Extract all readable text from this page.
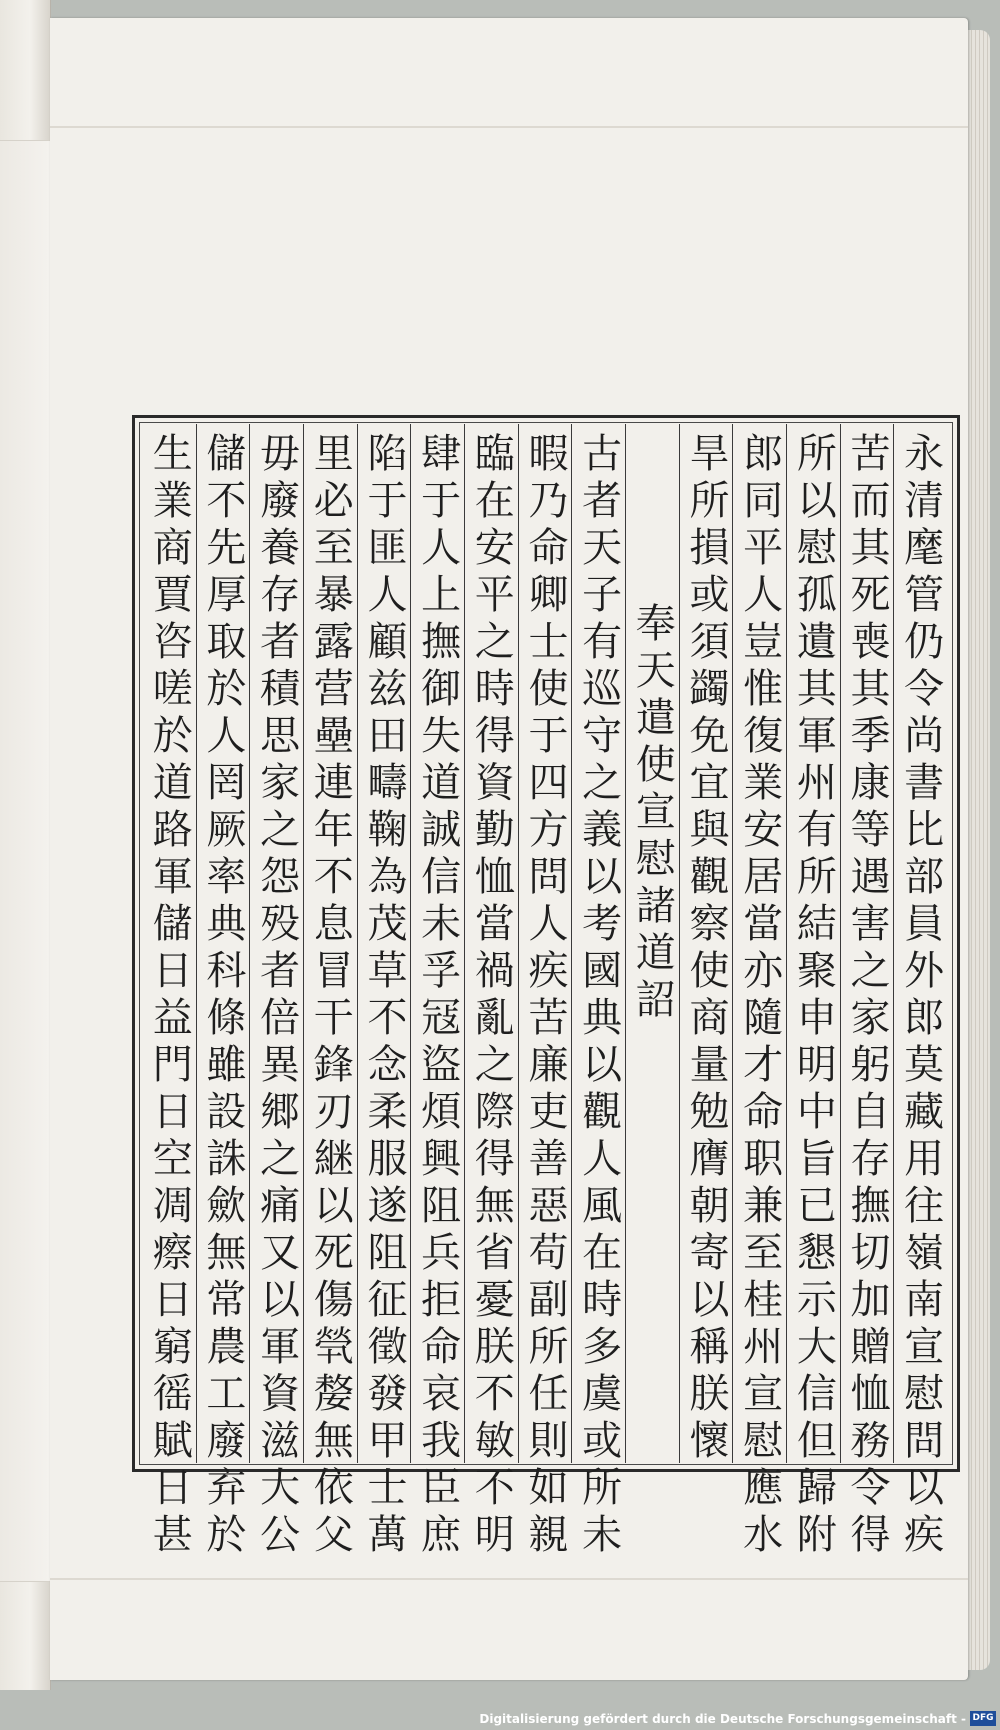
永清麾管仍令尚書比部員外郎莫藏用往嶺南宣慰問以疾
苦而其死喪其季康等遇害之家躬自存撫切加贈恤務令得
所以慰孤遺其軍州有所結聚申明中旨已懇示大信但歸附
郎同平人豈惟復業安居當亦隨才命职兼至桂州宣慰應水
旱所損或須蠲免宜與觀察使商量勉膺朝寄以稱朕懷
奉天遣使宣慰諸道詔
古者天子有巡守之義以考國典以觀人風在時多虞或所未
暇乃命卿士使于四方問人疾苦廉吏善惡苟副所任則如親
臨在安平之時得資勤恤當禍亂之際得無省憂朕不敏不明
肆于人上撫御失道誠信未孚冦盜煩興阻兵拒命哀我臣庶
陷于匪人顧兹田疇鞠為茂草不念柔服遂阻征徵發甲士萬
里必至暴露营壘連年不息冒干鋒刃継以死傷煢嫠無依父
毋廢養存者積思家之怨殁者倍異郷之痛又以軍資滋大公
儲不先厚取於人罔厥率典科條雖設誅歛無常農工廢弃於
生業商賈咨嗟於道路軍儲日益門日空凋瘵日窮徭賦日甚
Digitalisierung gefördert durch die Deutsche Forschungsgemeinschaft - DFG
